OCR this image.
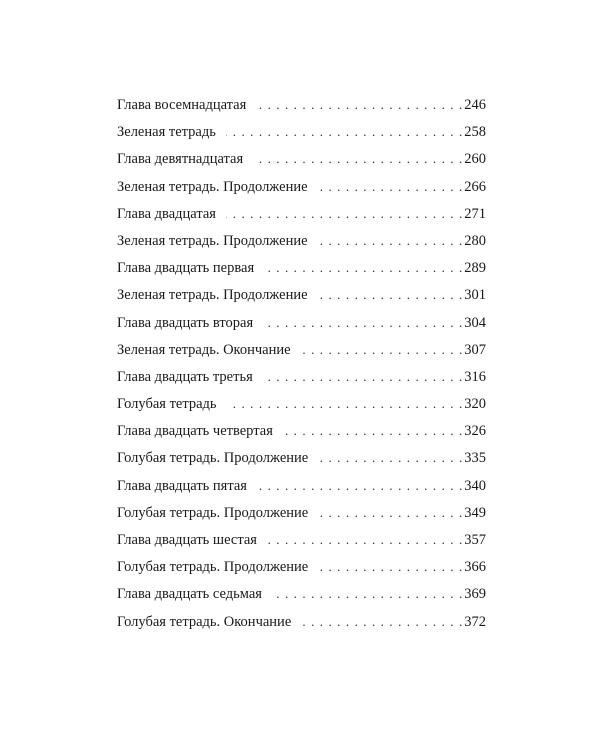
Глава восемнадцатая . . .	246
Зеленая тетрадь . . .	258
Глава девятнадцатая . . .	260
Зеленая тетрадь. Продолжение . . .	266
Глава двадцатая . . .	271
Зеленая тетрадь. Продолжение . . .	280
Глава двадцать первая . . .	289
Зеленая тетрадь. Продолжение . . .	301
Глава двадцать вторая . . .	304
Зеленая тетрадь. Окончание . . .	307
Глава двадцать третья . . .	316
Голубая тетрадь . . .	320
Глава двадцать четвертая . . .	326
Голубая тетрадь. Продолжение . . .	335
Глава двадцать пятая . . .	340
Голубая тетрадь. Продолжение . . .	349
Глава двадцать шестая . . .	357
Голубая тетрадь. Продолжение . . .	366
Глава двадцать седьмая . . .	369
Голубая тетрадь. Окончание . . .	372
